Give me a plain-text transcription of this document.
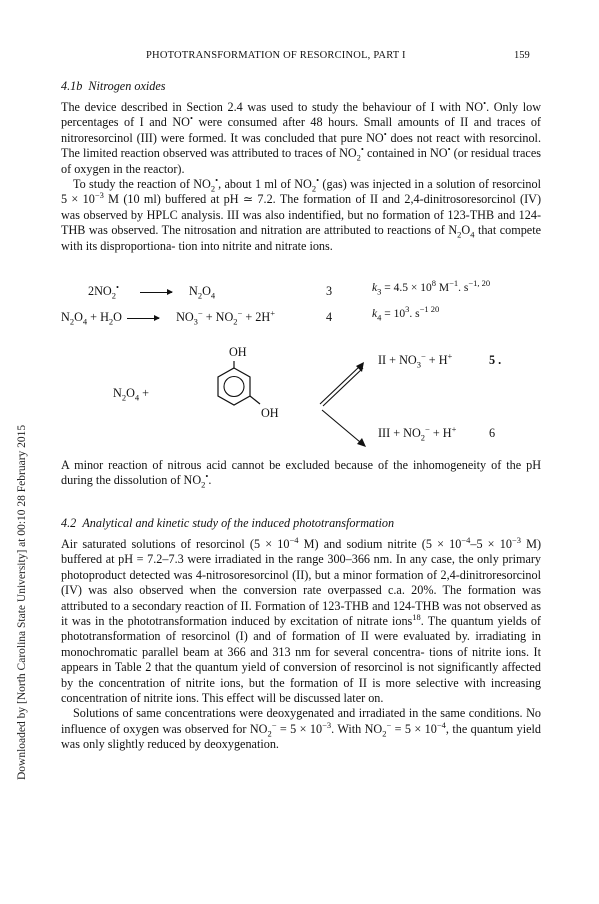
Downloaded by [North Carolina State University] at 00:10 28 February 2015
PHOTOTRANSFORMATION OF RESORCINOL, PART I	159
4.1b Nitrogen oxides

The device described in Section 2.4 was used to study the behaviour of I with NO•. Only low percentages of I and NO• were consumed after 48 hours. Small amounts of II and traces of nitroresorcinol (III) were formed. It was concluded that pure NO• does not react with resorcinol. The limited reaction observed was attributed to traces of $NO_2^•$ contained in NO• (or residual traces of oxygen in the reactor).

To study the reaction of $NO_2^•$, about 1 ml of $NO_2^•$ (gas) was injected in a solution of resorcinol $5 \times 10^{-3}$ M (10 ml) buffered at pH ≃ 7.2. The formation of II and 2,4-dinitrosoresorcinol (IV) was observed by HPLC analysis. III was also indentified, but no formation of 123-THB and 124-THB was observed. The nitrosation and nitration are attributed to reactions of $N_2O_4$ that compete with its disproportiona- tion into nitrite and nitrate ions.

$2NO_2^• \to N_2O_4$	3	$k_3 = 4.5 \times 10^8$ $M^{-1}$. $s^{-1, 20}$
$N_2O_4 + H_2O \to NO_3^- + NO_2^- + 2H^+$	4	$k_4 = 10^3$. $s^{-1 20}$
$N_2O_4$ +
OH
OH
II + $NO_3^- + H^+$	5 .
III + $NO_2^- + H^+$	6

A minor reaction of nitrous acid cannot be excluded because of the inhomogeneity of the pH during the dissolution of $NO_2^•$.

4.2 Analytical and kinetic study of the induced phototransformation

Air saturated solutions of resorcinol ($5 \times 10^{-4}$ M) and sodium nitrite ($5 \times 10^{-4}-5 \times 10^{-3}$ M) buffered at pH = 7.2–7.3 were irradiated in the range 300–366 nm. In any case, the only primary photoproduct detected was 4-nitrosoresorcinol (II), but a minor formation of 2,4-dinitroresorcinol (IV) was also observed when the conversion rate overpassed c.a. 20%. The formation was attributed to a secondary reaction of II. Formation of 123-THB and 124-THB was not observed as it was in the phototransformation induced by excitation of nitrate ions$^{18}$. The quantum yields of phototransformation of resorcinol (I) and of formation of II were evaluated by. irradiating in monochromatic parallel beam at 366 and 313 nm for several concentra- tions of nitrite ions. It appears in Table 2 that the quantum yield of conversion of resorcinol is not significantly affected by the concentration of nitrite ions, but the formation of II is more selective with increasing concentration of nitrite ions. This effect will be discussed later on.

Solutions of same concentrations were deoxygenated and irradiated in the same conditions. No influence of oxygen was observed for $NO_2^- = 5 \times 10^{-3}$. With $NO_2^- = 5 \times 10^{-4}$, the quantum yield was only slightly reduced by deoxygenation.
